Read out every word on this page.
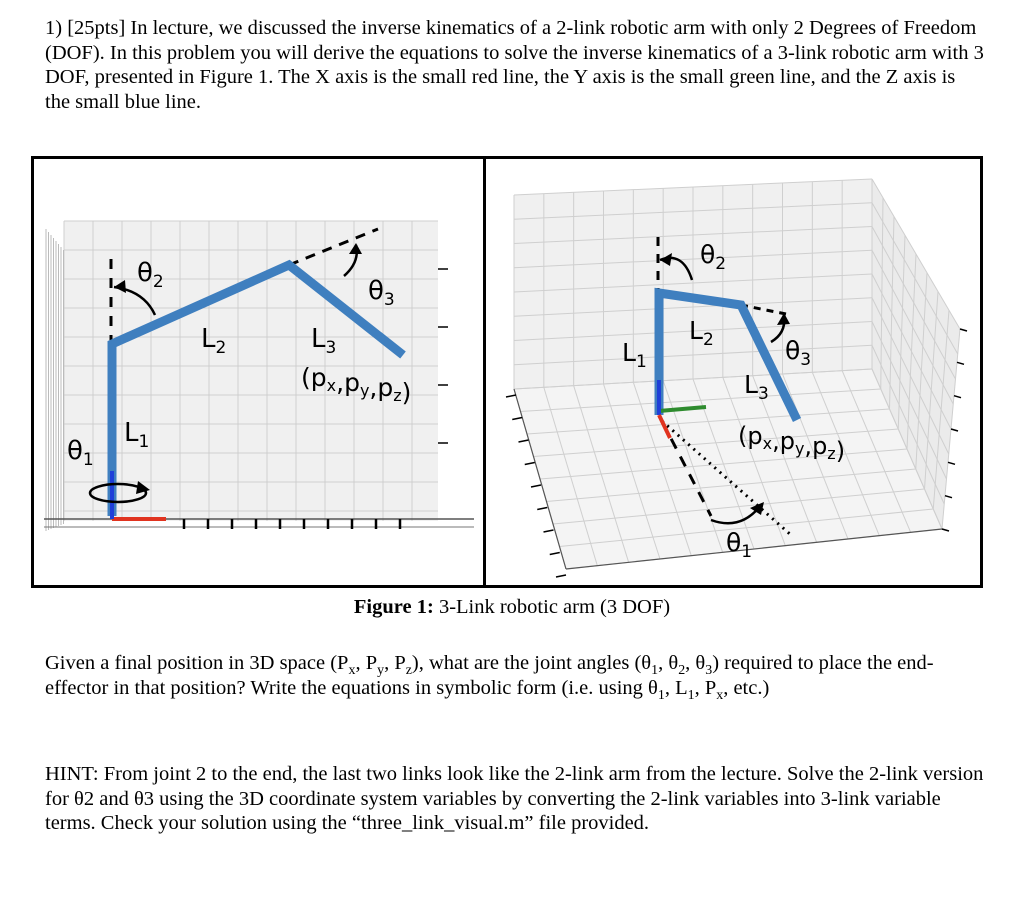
1) [25pts] In lecture, we discussed the inverse kinematics of a 2-link robotic arm with only 2 Degrees of Freedom (DOF). In this problem you will derive the equations to solve the inverse kinematics of a 3-link robotic arm with 3 DOF, presented in Figure 1. The X axis is the small red line, the Y axis is the small green line, and the Z axis is the small blue line.
$\theta_2$	$\theta_3$
$L_2$	$L_3$
$L_1$
$\theta_1$
$(p_x,p_y,p_z)$
$\theta_2$
$L_2$
$L_1$	$\theta_3$
$L_3$
$(p_x,p_y,p_z)$
$\theta_1$
Figure 1: 3-Link robotic arm (3 DOF)
Given a final position in 3D space ($P_x$, $P_y$, $P_z$), what are the joint angles ($\theta_1$, $\theta_2$, $\theta_3$) required to place the end-effector in that position? Write the equations in symbolic form (i.e. using $\theta_1$, $L_1$, $P_x$, etc.)
HINT: From joint 2 to the end, the last two links look like the 2-link arm from the lecture. Solve the 2-link version for θ2 and θ3 using the 3D coordinate system variables by converting the 2-link variables into 3-link variable terms. Check your solution using the “three_link_visual.m” file provided.
